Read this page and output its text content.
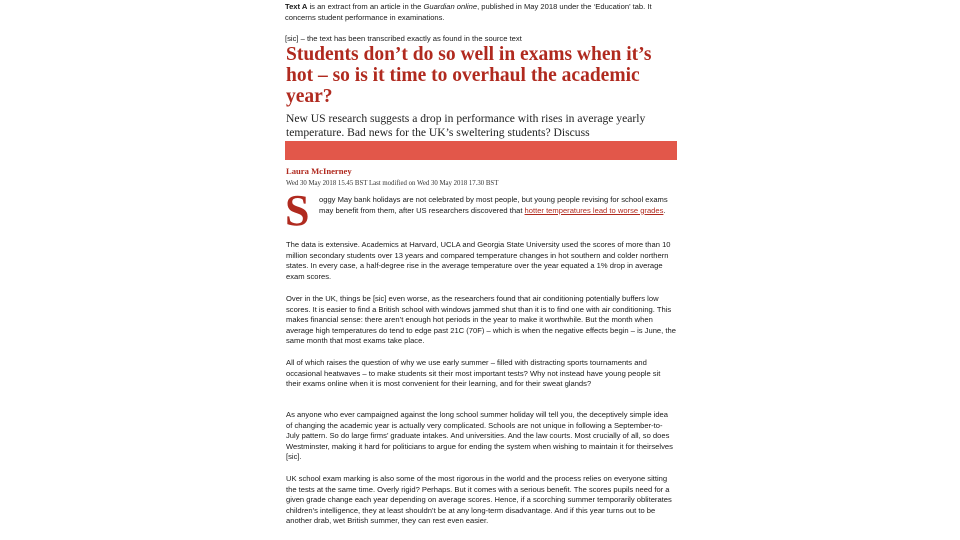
Text A is an extract from an article in the Guardian online, published in May 2018 under the ‘Education’ tab. It concerns student performance in examinations.
[sic] – the text has been transcribed exactly as found in the source text
Students don’t do so well in exams when it’s hot – so is it time to overhaul the academic year?
New US research suggests a drop in performance with rises in average yearly temperature. Bad news for the UK’s sweltering students? Discuss
Laura McInerney
Wed 30 May 2018 15.45 BST Last modified on Wed 30 May 2018 17.30 BST
S oggy May bank holidays are not celebrated by most people, but young people revising for school exams may benefit from them, after US researchers discovered that hotter temperatures lead to worse grades.
The data is extensive. Academics at Harvard, UCLA and Georgia State University used the scores of more than 10 million secondary students over 13 years and compared temperature changes in hot southern and colder northern states. In every case, a half-degree rise in the average temperature over the year equated a 1% drop in average exam scores.
Over in the UK, things be [sic] even worse, as the researchers found that air conditioning potentially buffers low scores. It is easier to find a British school with windows jammed shut than it is to find one with air conditioning. This makes financial sense: there aren’t enough hot periods in the year to make it worthwhile. But the month when average high temperatures do tend to edge past 21C (70F) – which is when the negative effects begin – is June, the same month that most exams take place.
All of which raises the question of why we use early summer – filled with distracting sports tournaments and occasional heatwaves – to make students sit their most important tests? Why not instead have young people sit their exams online when it is most convenient for their learning, and for their sweat glands?
As anyone who ever campaigned against the long school summer holiday will tell you, the deceptively simple idea of changing the academic year is actually very complicated. Schools are not unique in following a September-to-July pattern. So do large firms’ graduate intakes. And universities. And the law courts. Most crucially of all, so does Westminster, making it hard for politicians to argue for ending the system when wishing to maintain it for theirselves [sic].
UK school exam marking is also some of the most rigorous in the world and the process relies on everyone sitting the tests at the same time. Overly rigid? Perhaps. But it comes with a serious benefit. The scores pupils need for a given grade change each year depending on average scores. Hence, if a scorching summer temporarily obliterates children’s intelligence, they at least shouldn’t be at any long-term disadvantage. And if this year turns out to be another drab, wet British summer, they can rest even easier.
